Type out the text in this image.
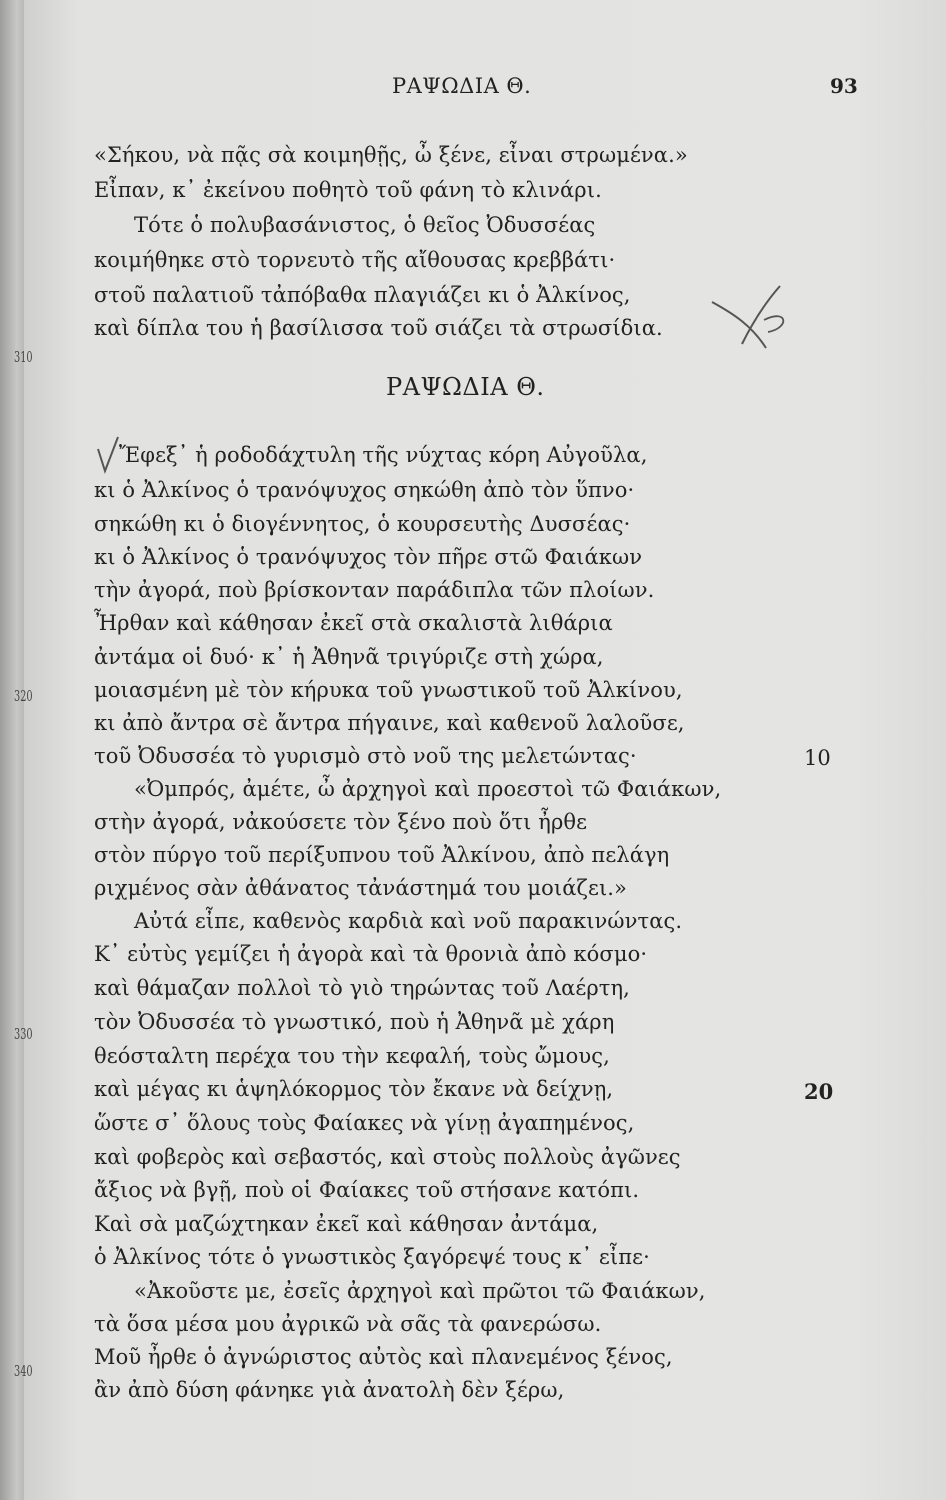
310
320
330
340
ΡΑΨΩΔΙΑ Θ.	93
«Σήκου, νὰ πᾷς σὰ κοιμηθῇς, ὦ ξένε, εἶναι στρωμένα.»
Εἶπαν, κ᾽ ἐκείνου ποθητὸ τοῦ φάνη τὸ κλινάρι.
Τότε ὁ πολυβασάνιστος, ὁ θεῖος Ὀδυσσέας
κοιμήθηκε στὸ τορνευτὸ τῆς αἴθουσας κρεββάτι·
στοῦ παλατιοῦ τἀπόβαθα πλαγιάζει κι ὁ Ἀλκίνος,
καὶ δίπλα του ἡ βασίλισσα τοῦ σιάζει τὰ στρωσίδια.
ΡΑΨΩΔΙΑ Θ.
Ἔφεξ᾽ ἡ ροδοδάχτυλη τῆς νύχτας κόρη Αὐγοῦλα,
κι ὁ Ἀλκίνος ὁ τρανόψυχος σηκώθη ἀπὸ τὸν ὕπνο·
σηκώθη κι ὁ διογέννητος, ὁ κουρσευτὴς Δυσσέας·
κι ὁ Ἀλκίνος ὁ τρανόψυχος τὸν πῆρε στῶ Φαιάκων
τὴν ἀγορά, ποὺ βρίσκονταν παράδιπλα τῶν πλοίων.
Ἦρθαν καὶ κάθησαν ἐκεῖ στὰ σκαλιστὰ λιθάρια
ἀντάμα οἱ δυό· κ᾽ ἡ Ἀθηνᾶ τριγύριζε στὴ χώρα,
μοιασμένη μὲ τὸν κήρυκα τοῦ γνωστικοῦ τοῦ Ἀλκίνου,
κι ἀπὸ ἄντρα σὲ ἄντρα πήγαινε, καὶ καθενοῦ λαλοῦσε,
τοῦ Ὀδυσσέα τὸ γυρισμὸ στὸ νοῦ της μελετώντας·	10
«Ὀμπρός, ἀμέτε, ὦ ἀρχηγοὶ καὶ προεστοὶ τῶ Φαιάκων,
στὴν ἀγορά, νἀκούσετε τὸν ξένο ποὺ ὅτι ἦρθε
στὸν πύργο τοῦ περίξυπνου τοῦ Ἀλκίνου, ἀπὸ πελάγη
ριχμένος σὰν ἀθάνατος τἀνάστημά του μοιάζει.»
Αὐτά εἶπε, καθενὸς καρδιὰ καὶ νοῦ παρακινώντας.
Κ᾽ εὐτὺς γεμίζει ἡ ἀγορὰ καὶ τὰ θρονιὰ ἀπὸ κόσμο·
καὶ θάμαζαν πολλοὶ τὸ γιὸ τηρώντας τοῦ Λαέρτη,
τὸν Ὀδυσσέα τὸ γνωστικό, ποὺ ἡ Ἀθηνᾶ μὲ χάρη
θεόσταλτη περέχα του τὴν κεφαλή, τοὺς ὤμους,
καὶ μέγας κι ἁψηλόκορμος τὸν ἔκανε νὰ δείχνῃ,	20
ὥστε σ᾽ ὅλους τοὺς Φαίακες νὰ γίνῃ ἀγαπημένος,
καὶ φοβερὸς καὶ σεβαστός, καὶ στοὺς πολλοὺς ἀγῶνες
ἄξιος νὰ βγῇ, ποὺ οἱ Φαίακες τοῦ στήσανε κατόπι.
Καὶ σὰ μαζώχτηκαν ἐκεῖ καὶ κάθησαν ἀντάμα,
ὁ Ἀλκίνος τότε ὁ γνωστικὸς ξαγόρεψέ τους κ᾽ εἶπε·
«Ἀκοῦστε με, ἐσεῖς ἀρχηγοὶ καὶ πρῶτοι τῶ Φαιάκων,
τὰ ὅσα μέσα μου ἀγρικῶ νὰ σᾶς τὰ φανερώσω.
Μοῦ ἦρθε ὁ ἀγνώριστος αὐτὸς καὶ πλανεμένος ξένος,
ἂν ἀπὸ δύση φάνηκε γιὰ ἀνατολὴ δὲν ξέρω,
